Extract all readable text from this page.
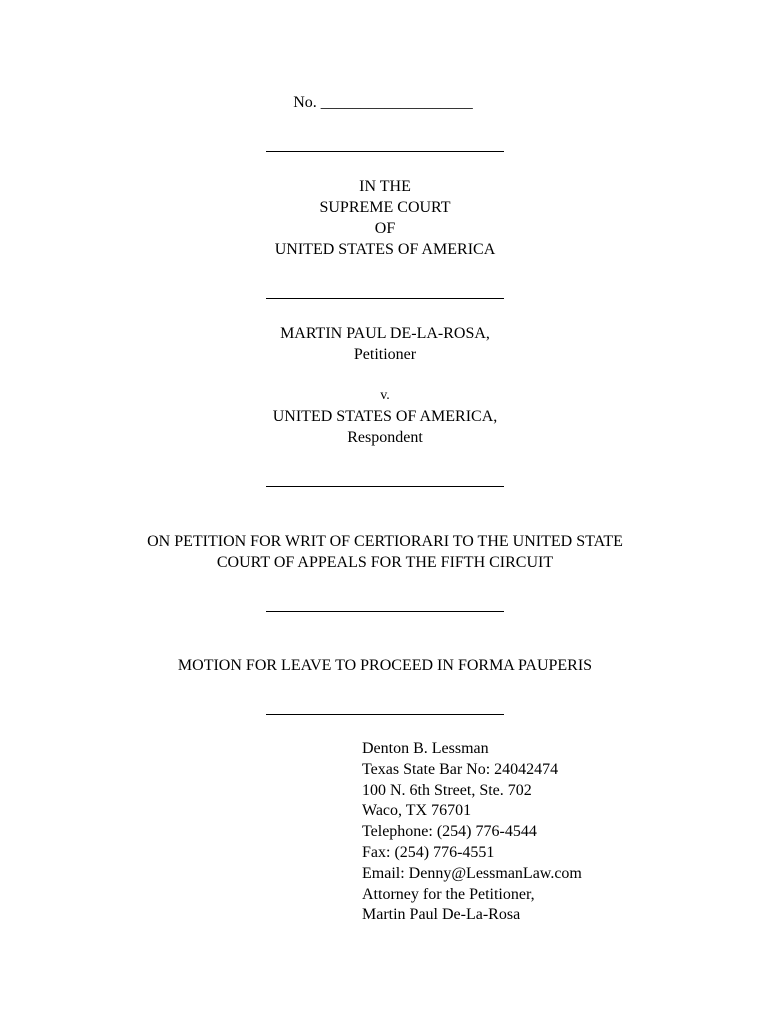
No. ___________________
IN THE
SUPREME COURT
OF
UNITED STATES OF AMERICA
MARTIN PAUL DE-LA-ROSA,
Petitioner
v.
UNITED STATES OF AMERICA,
Respondent
ON PETITION FOR WRIT OF CERTIORARI TO THE UNITED STATE
COURT OF APPEALS FOR THE FIFTH CIRCUIT
MOTION FOR LEAVE TO PROCEED IN FORMA PAUPERIS
Denton B. Lessman
Texas State Bar No: 24042474
100 N. 6th Street, Ste. 702
Waco, TX 76701
Telephone: (254) 776-4544
Fax: (254) 776-4551
Email: Denny@LessmanLaw.com
Attorney for the Petitioner,
Martin Paul De-La-Rosa
